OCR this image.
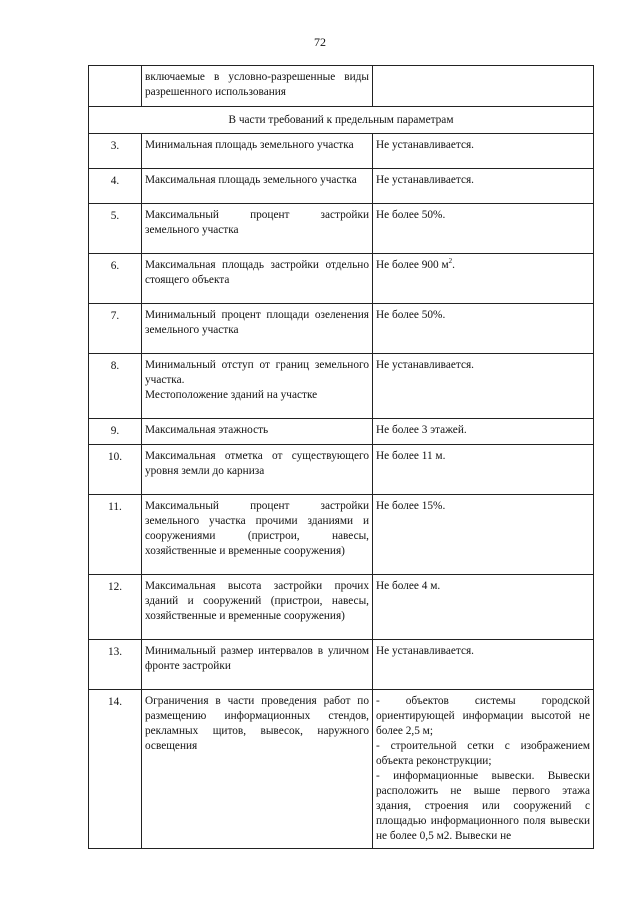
72
	включаемые в условно-разрешенные виды разрешенного использования	
В части требований к предельным параметрам		
3.	Минимальная площадь земельного участка	Не устанавливается.
4.	Максимальная площадь земельного участка	Не устанавливается.
5.	Максимальный процент застройки земельного участка	Не более 50%.
6.	Максимальная площадь застройки отдельно стоящего объекта	Не более 900 $м^2$.
7.	Минимальный процент площади озеленения земельного участка	Не более 50%.
8.	Минимальный отступ от границ земельного участка.
Местоположение зданий на участке	Не устанавливается.
9.	Максимальная этажность	Не более 3 этажей.
10.	Максимальная отметка от существующего уровня земли до карниза	Не более 11 м.
11.	Максимальный процент застройки земельного участка прочими зданиями и сооружениями (пристрои, навесы, хозяйственные и временные сооружения)	Не более 15%.
12.	Максимальная высота застройки прочих зданий и сооружений (пристрои, навесы, хозяйственные и временные сооружения)	Не более 4 м.
13.	Минимальный размер интервалов в уличном фронте застройки	Не устанавливается.
14.	Ограничения в части проведения работ по размещению информационных стендов, рекламных щитов, вывесок, наружного освещения	- объектов системы городской ориентирующей информации высотой не более 2,5 м;
- строительной сетки с изображением объекта реконструкции;
- информационные вывески. Вывески расположить не выше первого этажа здания, строения или сооружений с площадью информационного поля вывески не более 0,5 м2. Вывески не
